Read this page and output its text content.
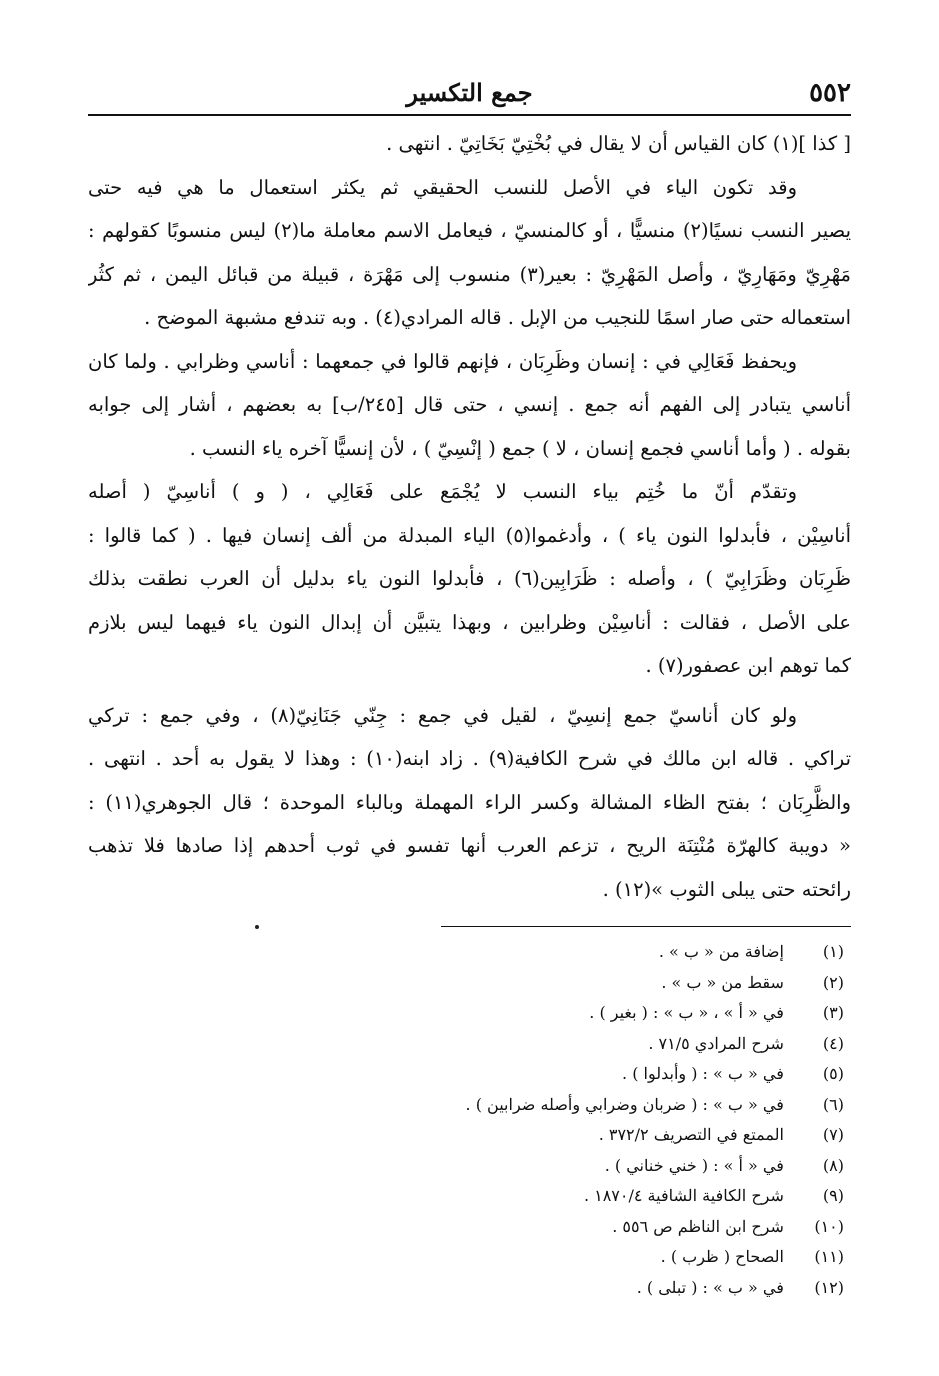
٥٥٢
جمع التكسير
[ كذا ](١) كان القياس أن لا يقال في بُخْتِيّ بَخَاتِيّ . انتهى .
وقد تكون الياء في الأصل للنسب الحقيقي ثم يكثر استعمال ما هي فيه حتى
يصير النسب نسيًا(٢) منسيًّا ، أو كالمنسيّ ، فيعامل الاسم معاملة ما(٢) ليس منسوبًا كقولهم :
مَهْرِيّ ومَهَارِيّ ، وأصل المَهْرِيّ : بعير(٣) منسوب إلى مَهْرَة ، قبيلة من قبائل اليمن ، ثم كثُر
استعماله حتى صار اسمًا للنجيب من الإبل . قاله المرادي(٤) . وبه تندفع مشبهة الموضح .
ويحفظ فَعَالِي في : إنسان وظَرِبَان ، فإنهم قالوا في جمعهما : أناسي وظرابي . ولما كان
أناسي يتبادر إلى الفهم أنه جمع . إنسي ، حتى قال [٢٤٥/ب] به بعضهم ، أشار إلى جوابه
بقوله . ( وأما أناسي فجمع إنسان ، لا ) جمع ( إنْسِيّ ) ، لأن إنسيًّا آخره ياء النسب .
وتقدّم أنّ ما خُتِم بياء النسب لا يُجْمَع على فَعَالِي ، ( و ) أناسِيّ ( أصله
أناسِيْن ، فأبدلوا النون ياء ) ، وأدغموا(٥) الياء المبدلة من ألف إنسان فيها . ( كما قالوا :
ظَرِبَان وظَرَابِيّ ) ، وأصله : ظَرَابِين(٦) ، فأبدلوا النون ياء بدليل أن العرب نطقت بذلك
على الأصل ، فقالت : أناسِيْن وظرابين ، وبهذا يتبيَّن أن إبدال النون ياء فيهما ليس بلازم
كما توهم ابن عصفور(٧) .
ولو كان أناسيّ جمع إنسِيّ ، لقيل في جمع : جِنّي جَنَانِيّ(٨) ، وفي جمع : تركي
تراكي . قاله ابن مالك في شرح الكافية(٩) . زاد ابنه(١٠) : وهذا لا يقول به أحد . انتهى .
والظَّرِبَان ؛ بفتح الظاء المشالة وكسر الراء المهملة وبالباء الموحدة ؛ قال الجوهري(١١) :
« دويبة كالهرّة مُنْتِنَة الريح ، تزعم العرب أنها تفسو في ثوب أحدهم إذا صادها فلا تذهب
رائحته حتى يبلى الثوب »(١٢) .
(١) إضافة من « ب » .
(٢) سقط من « ب » .
(٣) في « أ » ، « ب » : ( بغير ) .
(٤) شرح المرادي ٧١/٥ .
(٥) في « ب » : ( وأبدلوا ) .
(٦) في « ب » : ( ضربان وضرابي وأصله ضرابين ) .
(٧) الممتع في التصريف ٣٧٢/٢ .
(٨) في « أ » : ( خني خناني ) .
(٩) شرح الكافية الشافية ١٨٧٠/٤ .
(١٠) شرح ابن الناظم ص ٥٥٦ .
(١١) الصحاح ( ظرب ) .
(١٢) في « ب » : ( تبلى ) .
